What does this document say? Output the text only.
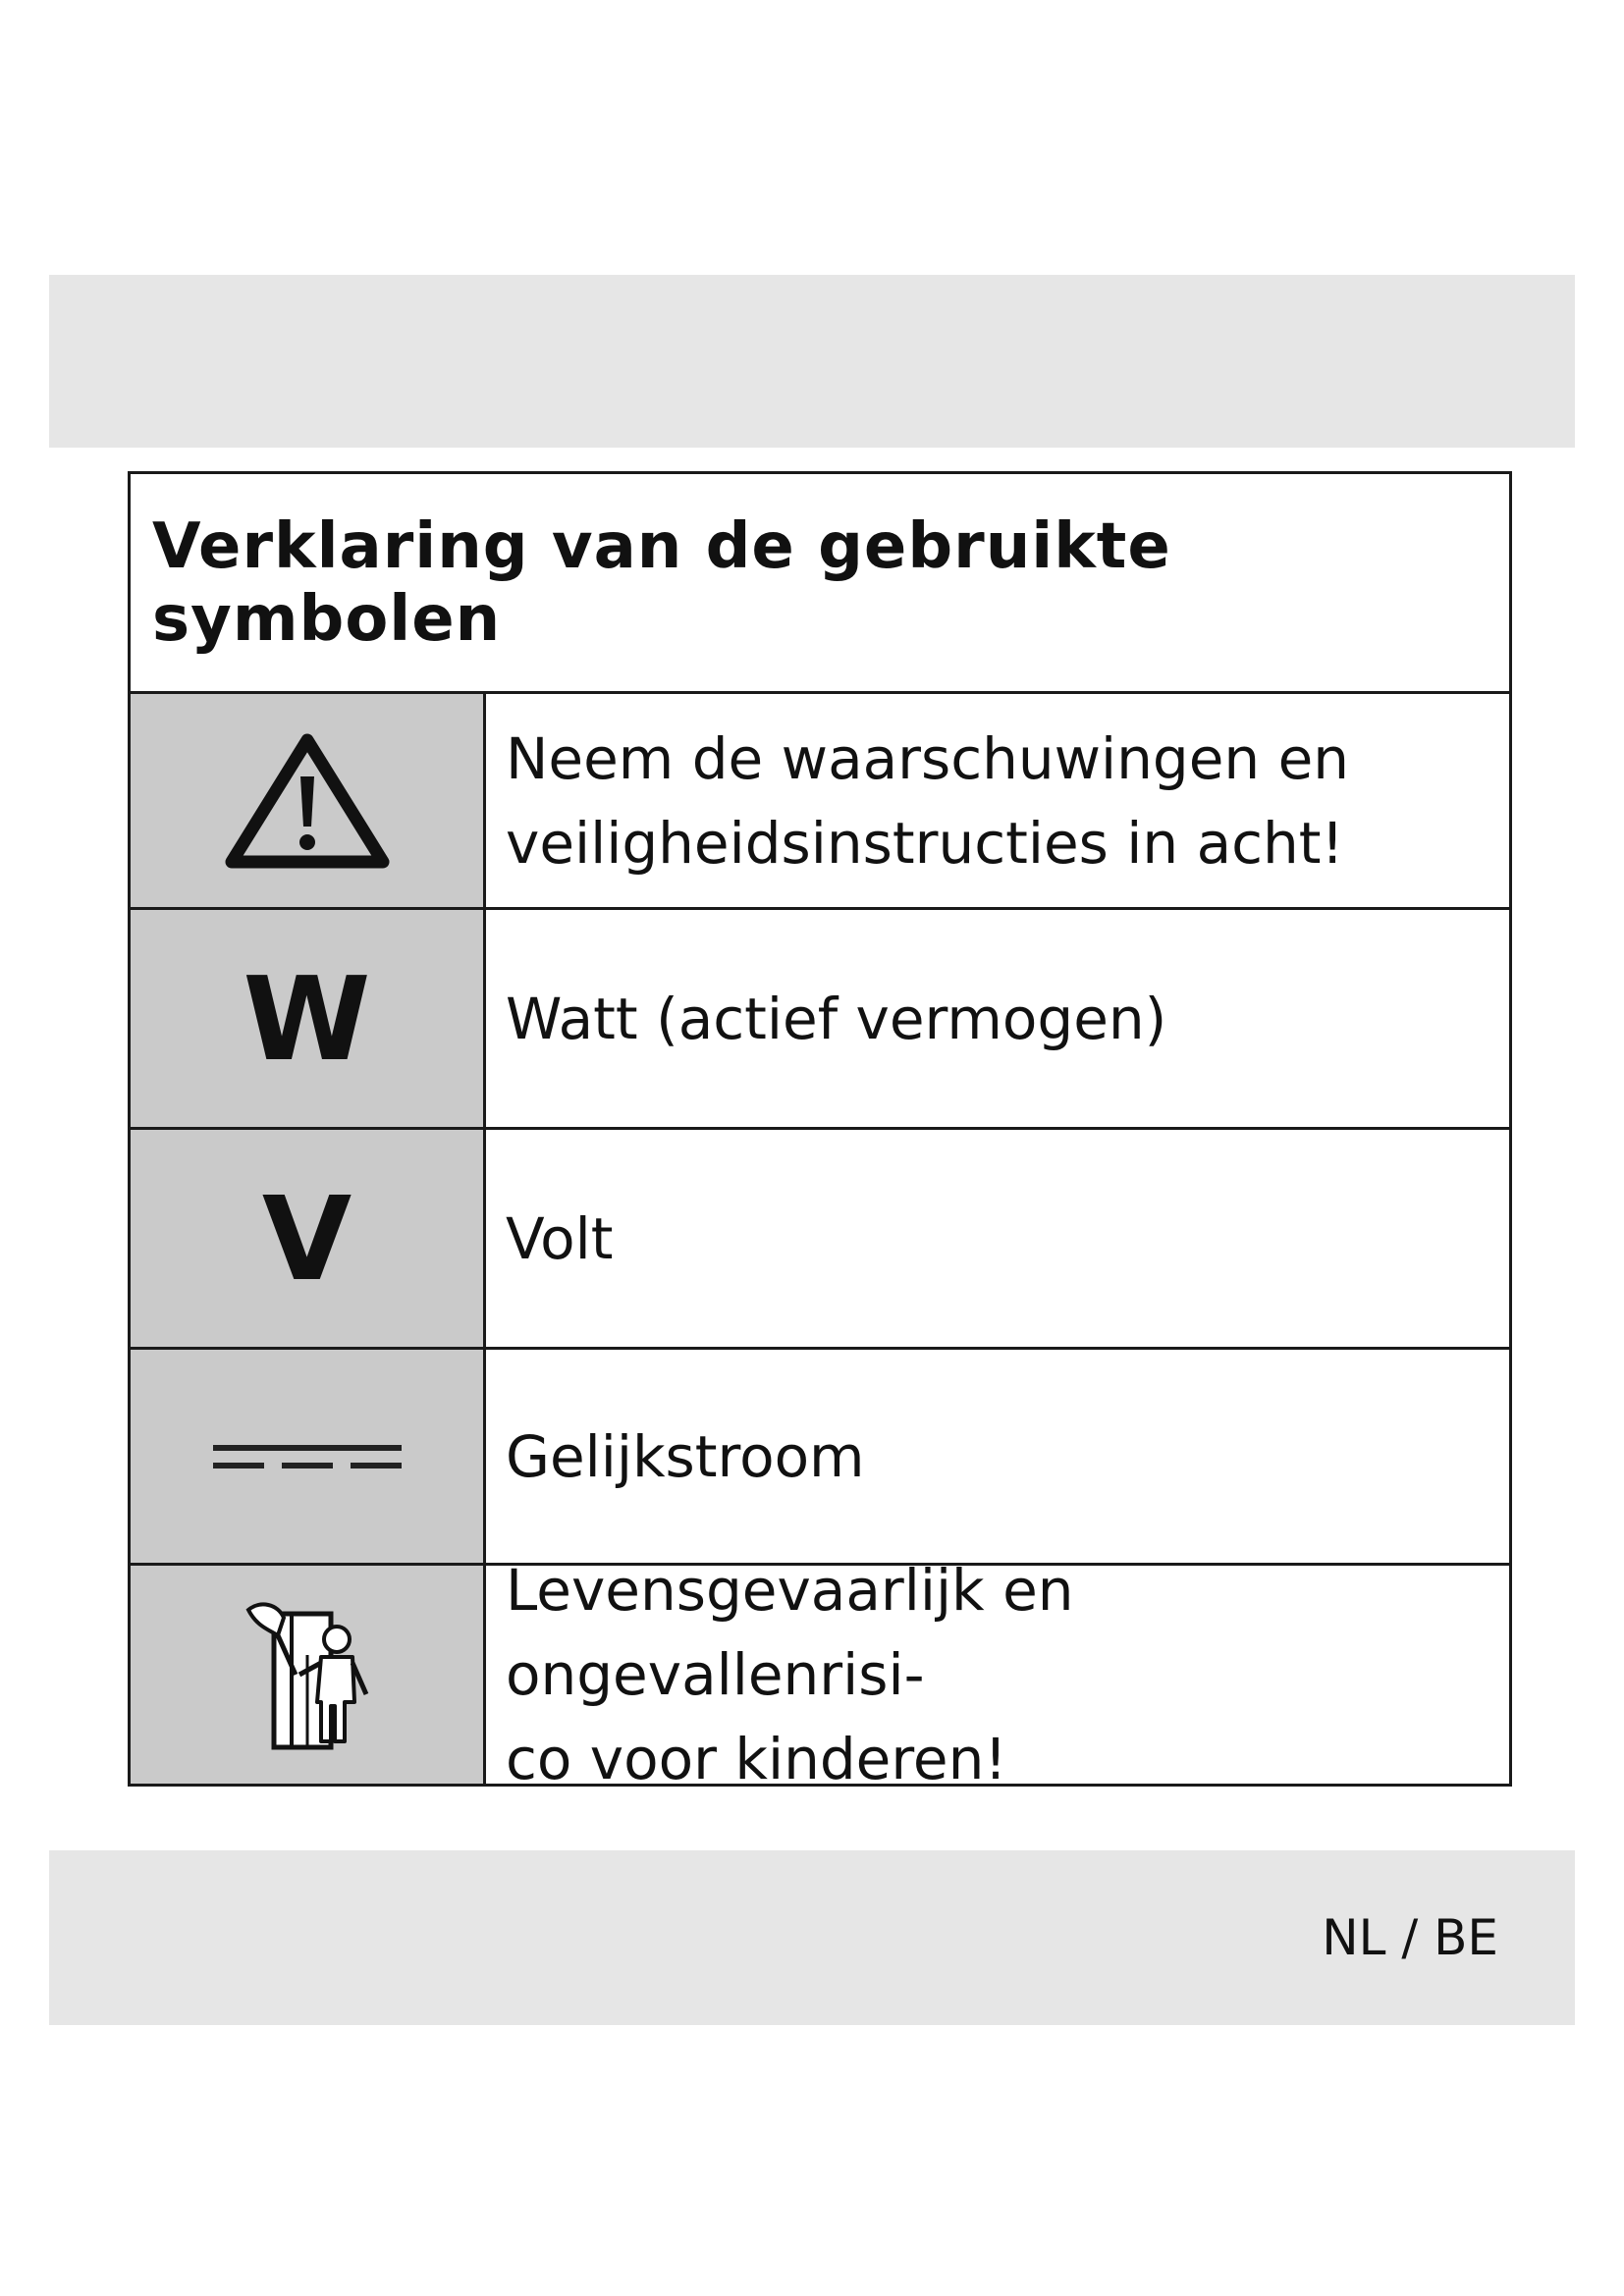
Verklaring van de gebruikte symbolen
Neem de waarschuwingen en
veiligheidsinstructies in acht!
W Watt (actief vermogen)
V	Volt
Gelijkstroom
Levensgevaarlijk en ongevallenrisi-
co voor kinderen!
NL / BE
